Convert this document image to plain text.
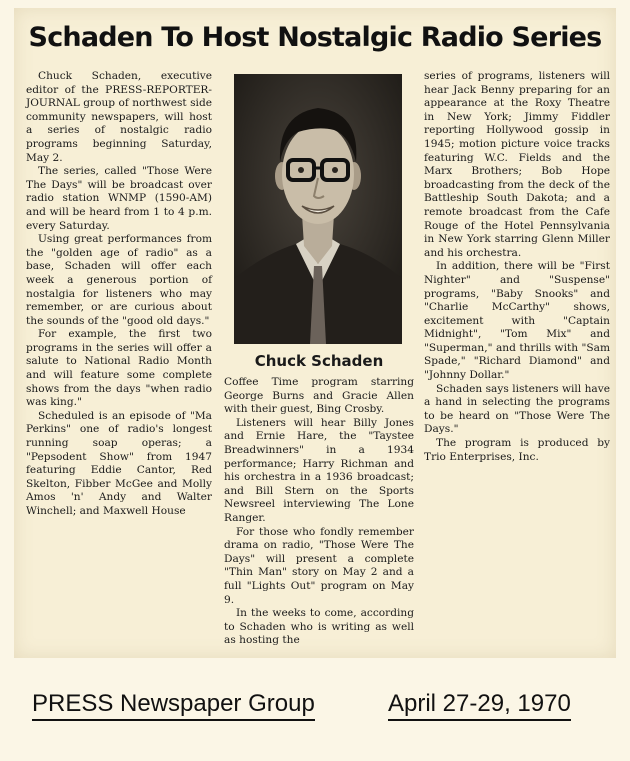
Schaden To Host Nostalgic Radio Series

Chuck Schaden, executive editor of the PRESS-REPORTER-JOURNAL group of northwest side community newspapers, will host a series of nostalgic radio programs beginning Saturday, May 2.

The series, called "Those Were The Days" will be broadcast over radio station WNMP (1590-AM) and will be heard from 1 to 4 p.m. every Saturday.

Using great performances from the "golden age of radio" as a base, Schaden will offer each week a generous portion of nostalgia for listeners who may remember, or are curious about the sounds of the "good old days."

For example, the first two programs in the series will offer a salute to National Radio Month and will feature some complete shows from the days "when radio was king."

Scheduled is an episode of "Ma Perkins" one of radio's longest running soap operas; a "Pepsodent Show" from 1947 featuring Eddie Cantor, Red Skelton, Fibber McGee and Molly Amos 'n' Andy and Walter Winchell; and Maxwell House

Chuck Schaden

Coffee Time program starring George Burns and Gracie Allen with their guest, Bing Crosby.

Listeners will hear Billy Jones and Ernie Hare, the "Taystee Breadwinners" in a 1934 performance; Harry Richman and his orchestra in a 1936 broadcast; and Bill Stern on the Sports Newsreel interviewing The Lone Ranger.

For those who fondly remember drama on radio, "Those Were The Days" will present a complete "Thin Man" story on May 2 and a full "Lights Out" program on May 9.

In the weeks to come, according to Schaden who is writing as well as hosting the

series of programs, listeners will hear Jack Benny preparing for an appearance at the Roxy Theatre in New York; Jimmy Fiddler reporting Hollywood gossip in 1945; motion picture voice tracks featuring W.C. Fields and the Marx Brothers; Bob Hope broadcasting from the deck of the Battleship South Dakota; and a remote broadcast from the Cafe Rouge of the Hotel Pennsylvania in New York starring Glenn Miller and his orchestra.

In addition, there will be "First Nighter" and "Suspense" programs, "Baby Snooks" and "Charlie McCarthy" shows, excitement with "Captain Midnight", "Tom Mix" and "Superman," and thrills with "Sam Spade," "Richard Diamond" and "Johnny Dollar."

Schaden says listeners will have a hand in selecting the programs to be heard on "Those Were The Days."

The program is produced by Trio Enterprises, Inc.

PRESS Newspaper Group	April 27-29, 1970
